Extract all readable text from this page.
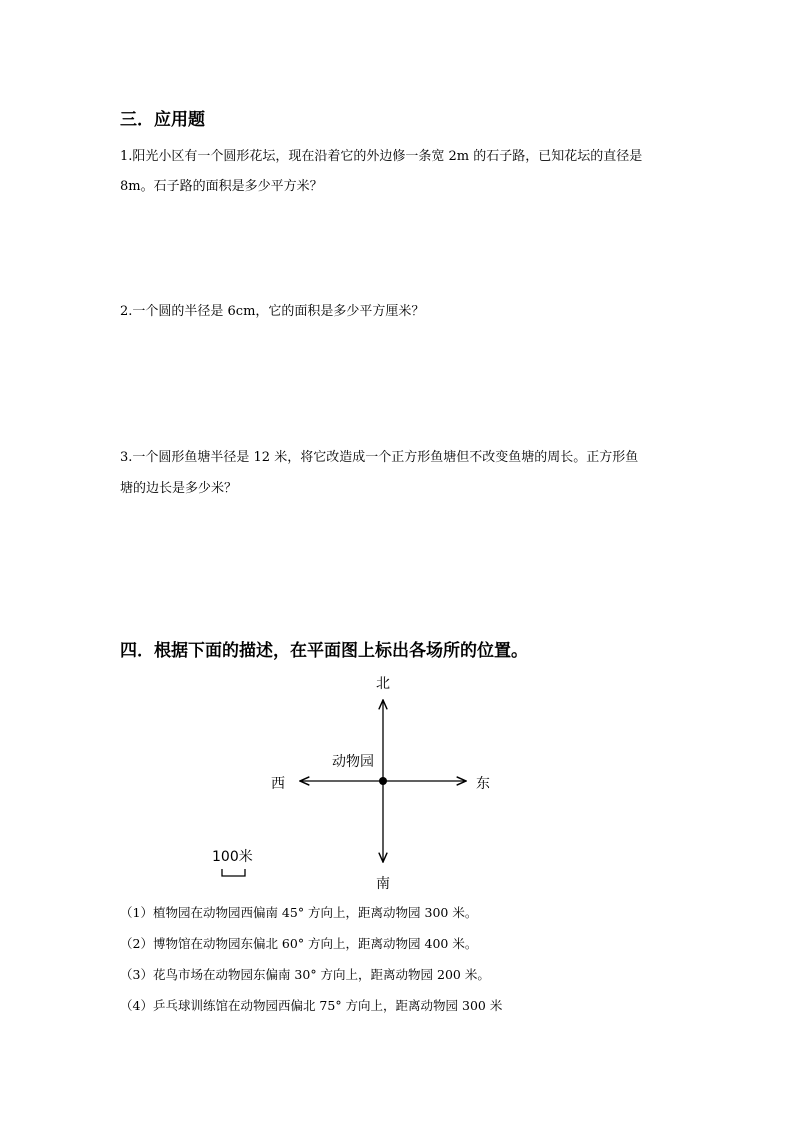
三．应用题
1.阳光小区有一个圆形花坛，现在沿着它的外边修一条宽 2m 的石子路，已知花坛的直径是
8m。石子路的面积是多少平方米？
2.一个圆的半径是 6cm，它的面积是多少平方厘米？
3.一个圆形鱼塘半径是 12 米，将它改造成一个正方形鱼塘但不改变鱼塘的周长。正方形鱼
塘的边长是多少米？
四．根据下面的描述，在平面图上标出各场所的位置。
北
南
西	东
动物园
100米
（1）植物园在动物园西偏南 45° 方向上，距离动物园 300 米。
（2）博物馆在动物园东偏北 60° 方向上，距离动物园 400 米。
（3）花鸟市场在动物园东偏南 30° 方向上，距离动物园 200 米。
（4）乒乓球训练馆在动物园西偏北 75° 方向上，距离动物园 300 米
